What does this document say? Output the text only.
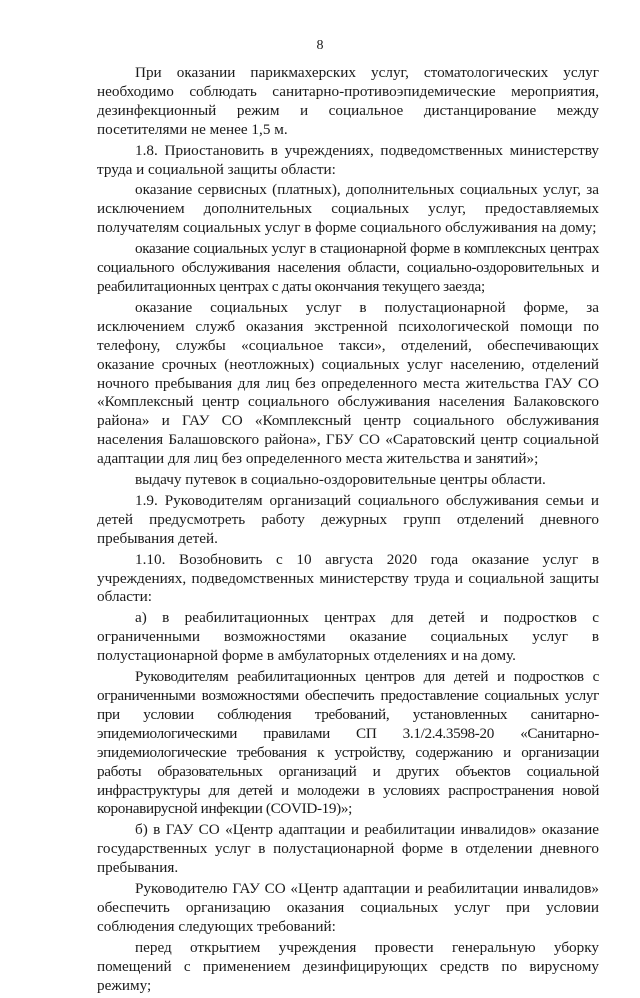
8

При оказании парикмахерских услуг, стоматологических услуг необходимо соблюдать санитарно-противоэпидемические мероприятия, дезинфекционный режим и социальное дистанцирование между посетителями не менее 1,5 м.

1.8. Приостановить в учреждениях, подведомственных министерству труда и социальной защиты области:

оказание сервисных (платных), дополнительных социальных услуг, за исключением дополнительных социальных услуг, предоставляемых получателям социальных услуг в форме социального обслуживания на дому;

оказание социальных услуг в стационарной форме в комплексных центрах социального обслуживания населения области, социально-оздоровительных и реабилитационных центрах с даты окончания текущего заезда;

оказание социальных услуг в полустационарной форме, за исключением служб оказания экстренной психологической помощи по телефону, службы «социальное такси», отделений, обеспечивающих оказание срочных (неотложных) социальных услуг населению, отделений ночного пребывания для лиц без определенного места жительства ГАУ СО «Комплексный центр социального обслуживания населения Балаковского района» и ГАУ СО «Комплексный центр социального обслуживания населения Балашовского района», ГБУ СО «Саратовский центр социальной адаптации для лиц без определенного места жительства и занятий»;

выдачу путевок в социально-оздоровительные центры области.

1.9. Руководителям организаций социального обслуживания семьи и детей предусмотреть работу дежурных групп отделений дневного пребывания детей.

1.10. Возобновить с 10 августа 2020 года оказание услуг в учреждениях, подведомственных министерству труда и социальной защиты области:

а) в реабилитационных центрах для детей и подростков с ограниченными возможностями оказание социальных услуг в полустационарной форме в амбулаторных отделениях и на дому.

Руководителям реабилитационных центров для детей и подростков с ограниченными возможностями обеспечить предоставление социальных услуг при условии соблюдения требований, установленных санитарно-эпидемиологическими правилами СП 3.1/2.4.3598-20 «Санитарно-эпидемиологические требования к устройству, содержанию и организации работы образовательных организаций и других объектов социальной инфраструктуры для детей и молодежи в условиях распространения новой коронавирусной инфекции (COVID-19)»;

б) в ГАУ СО «Центр адаптации и реабилитации инвалидов» оказание государственных услуг в полустационарной форме в отделении дневного пребывания.

Руководителю ГАУ СО «Центр адаптации и реабилитации инвалидов» обеспечить организацию оказания социальных услуг при условии соблюдения следующих требований:

перед открытием учреждения провести генеральную уборку помещений с применением дезинфицирующих средств по вирусному режиму;
